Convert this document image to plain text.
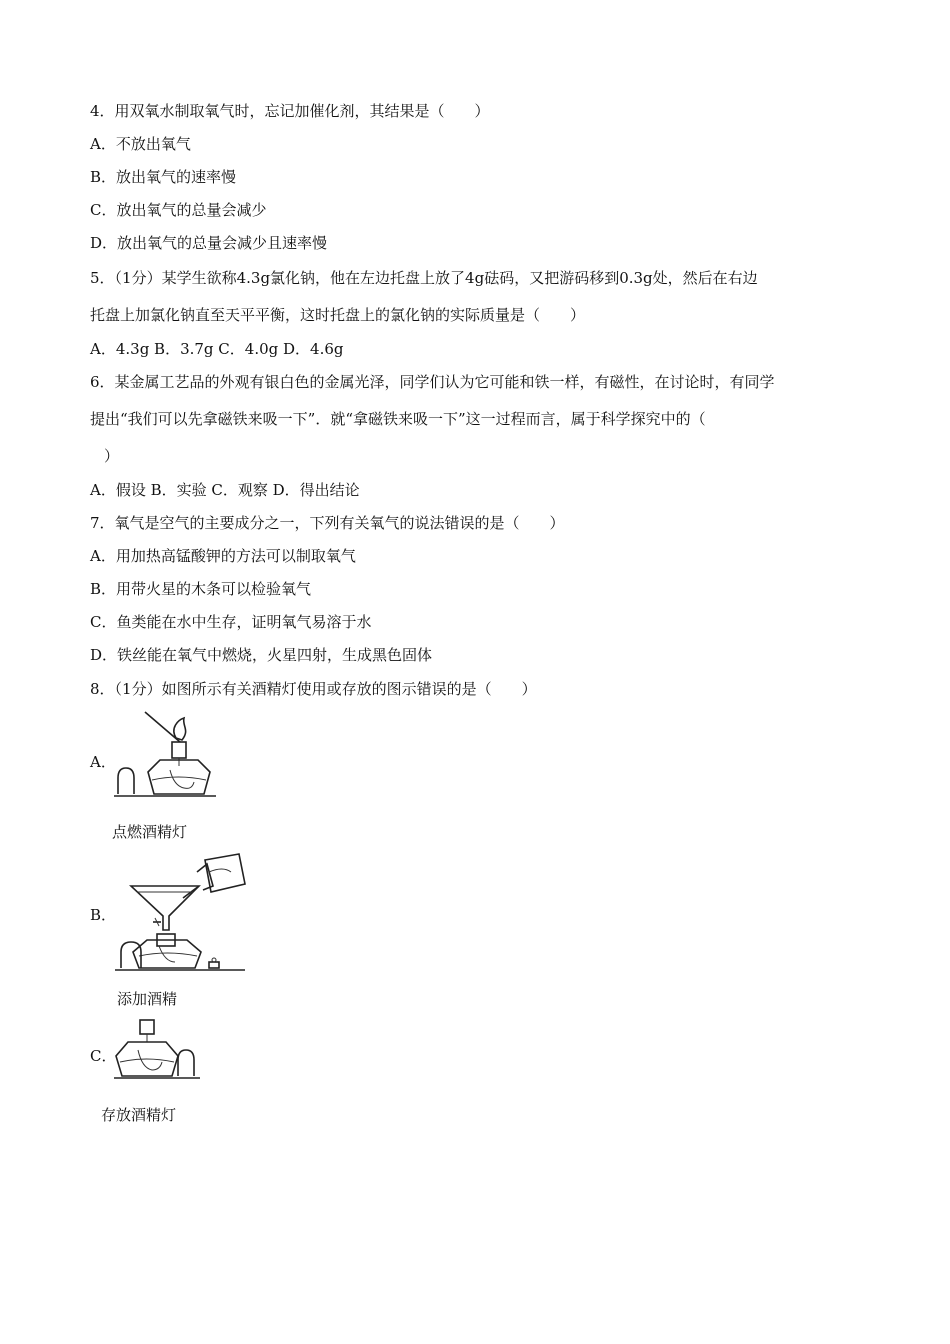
4．用双氧水制取氧气时，忘记加催化剂，其结果是（　　）
A．不放出氧气
B．放出氧气的速率慢
C．放出氧气的总量会减少
D．放出氧气的总量会减少且速率慢
5．（1分）某学生欲称4.3g氯化钠，他在左边托盘上放了4g砝码，又把游码移到0.3g处，然后在右边
托盘上加氯化钠直至天平平衡，这时托盘上的氯化钠的实际质量是（　　）
A．4.3g B．3.7g C．4.0g D．4.6g
6．某金属工艺品的外观有银白色的金属光泽，同学们认为它可能和铁一样，有磁性，在讨论时，有同学
提出“我们可以先拿磁铁来吸一下”．就“拿磁铁来吸一下”这一过程而言，属于科学探究中的（
）
A．假设 B．实验 C．观察 D．得出结论
7．氧气是空气的主要成分之一，下列有关氧气的说法错误的是（　　）
A．用加热高锰酸钾的方法可以制取氧气
B．用带火星的木条可以检验氧气
C．鱼类能在水中生存，证明氧气易溶于水
D．铁丝能在氧气中燃烧，火星四射，生成黑色固体
8．（1分）如图所示有关酒精灯使用或存放的图示错误的是（　　）
A．
点燃酒精灯
B．
添加酒精
C．
存放酒精灯
